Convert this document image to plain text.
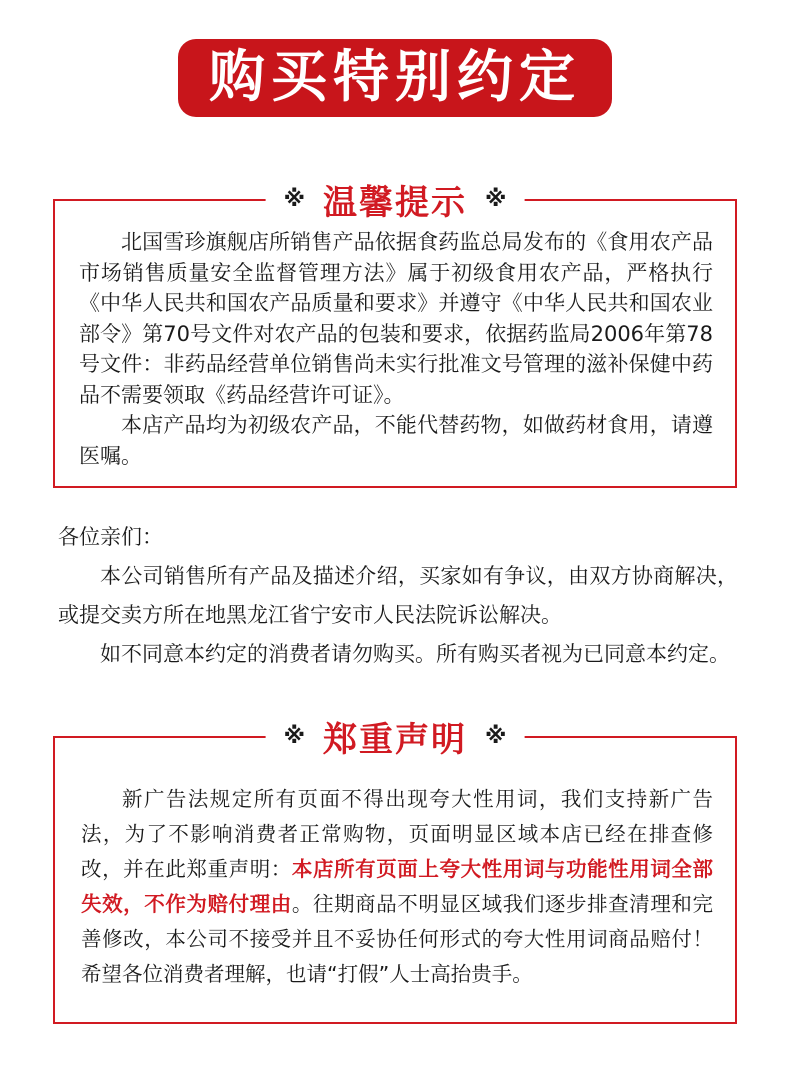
购买特别约定
※ 温馨提示 ※

北国雪珍旗舰店所销售产品依据食药监总局发布的《食用农产品市场销售质量安全监督管理方法》属于初级食用农产品，严格执行《中华人民共和国农产品质量和要求》并遵守《中华人民共和国农业部令》第70号文件对农产品的包装和要求，依据药监局2006年第78号文件：非药品经营单位销售尚未实行批准文号管理的滋补保健中药品不需要领取《药品经营许可证》。

本店产品均为初级农产品，不能代替药物，如做药材食用，请遵医嘱。

各位亲们：

本公司销售所有产品及描述介绍，买家如有争议，由双方协商解决，或提交卖方所在地黑龙江省宁安市人民法院诉讼解决。

如不同意本约定的消费者请勿购买。所有购买者视为已同意本约定。

※ 郑重声明 ※

新广告法规定所有页面不得出现夸大性用词，我们支持新广告法，为了不影响消费者正常购物，页面明显区域本店已经在排查修改，并在此郑重声明：本店所有页面上夸大性用词与功能性用词全部失效，不作为赔付理由。往期商品不明显区域我们逐步排查清理和完善修改，本公司不接受并且不妥协任何形式的夸大性用词商品赔付！希望各位消费者理解，也请“打假”人士高抬贵手。
